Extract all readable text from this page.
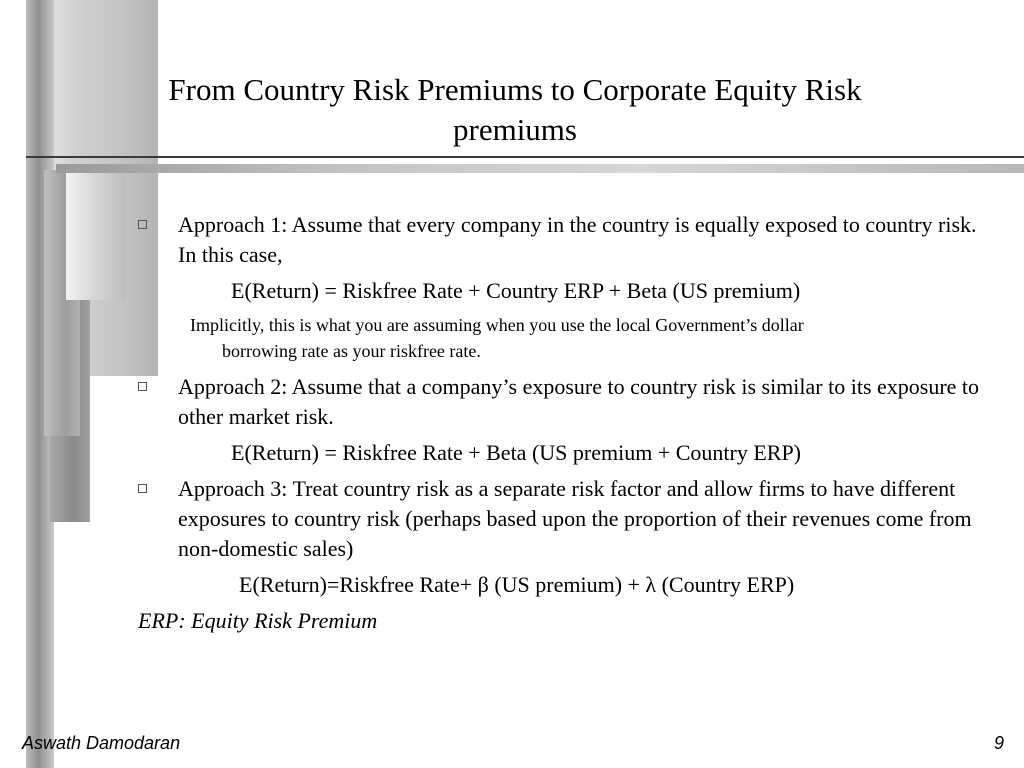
From Country Risk Premiums to Corporate Equity Risk
premiums
Approach 1: Assume that every company in the country is equally exposed to country risk. In this case,
E(Return) = Riskfree Rate + Country ERP + Beta (US premium)
Implicitly, this is what you are assuming when you use the local Government’s dollar
borrowing rate as your riskfree rate.
Approach 2: Assume that a company’s exposure to country risk is similar to its exposure to other market risk.
E(Return) = Riskfree Rate + Beta (US premium + Country ERP)
Approach 3: Treat country risk as a separate risk factor and allow firms to have different exposures to country risk (perhaps based upon the proportion of their revenues come from non-domestic sales)
E(Return)=Riskfree Rate+ β (US premium) + λ (Country ERP)
ERP: Equity Risk Premium
Aswath Damodaran	9
